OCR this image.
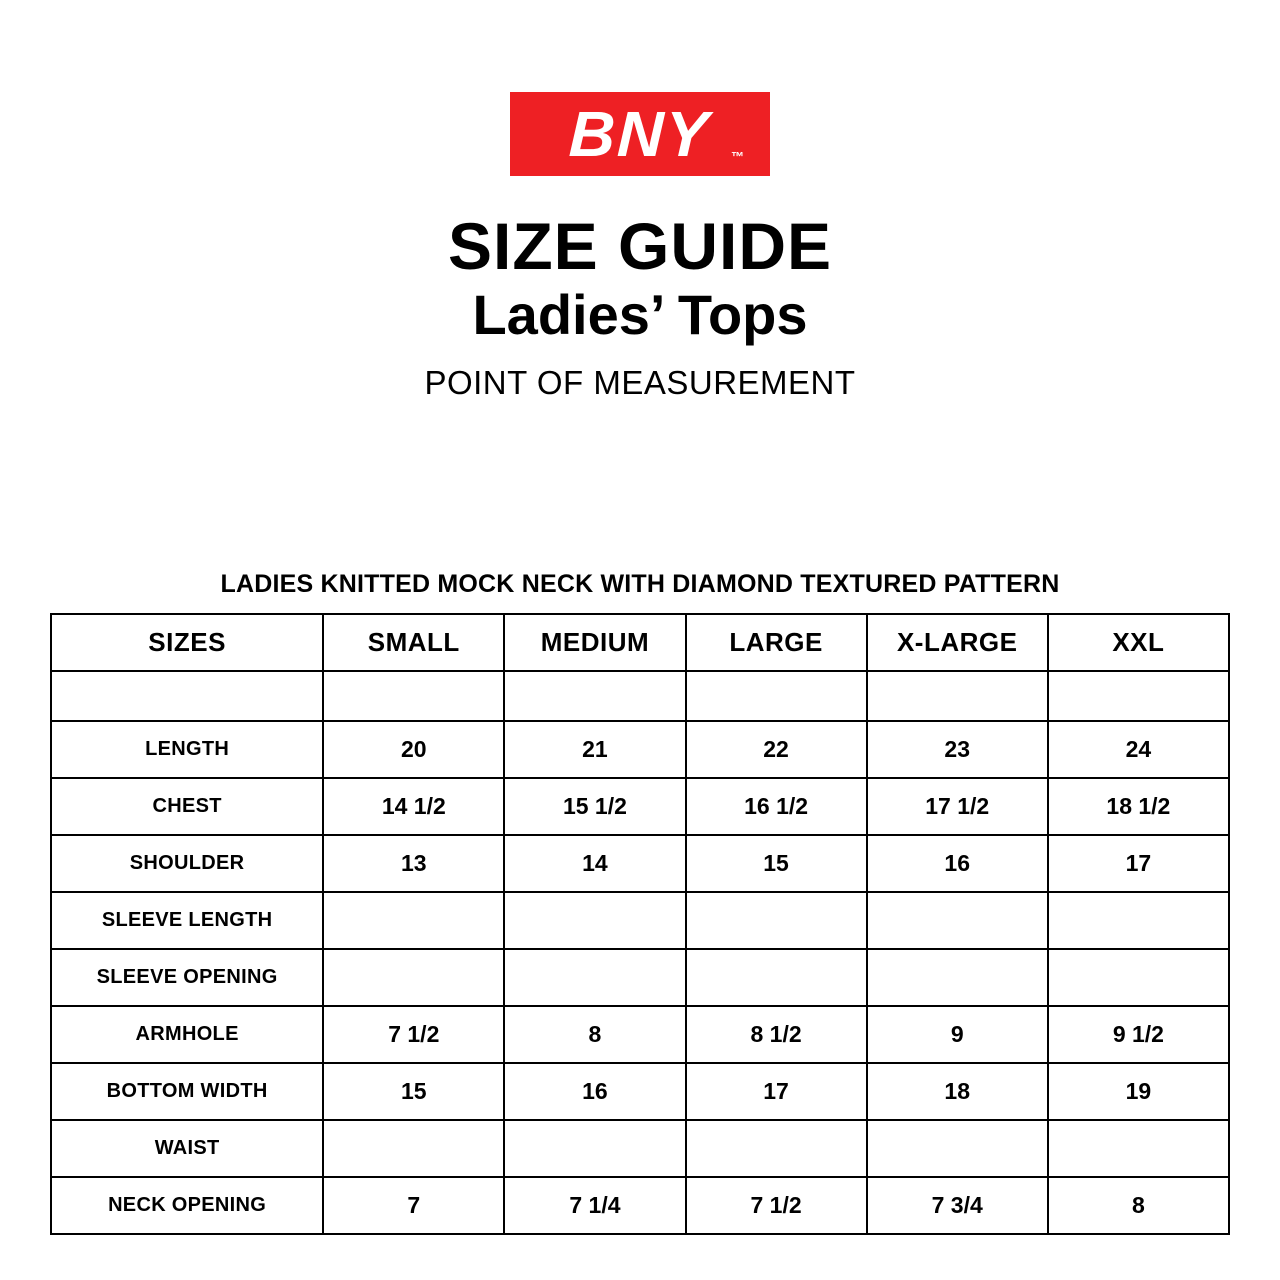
BNY ™
SIZE GUIDE
Ladies’ Tops
POINT OF MEASUREMENT
LADIES KNITTED MOCK NECK WITH DIAMOND TEXTURED PATTERN
SIZES	SMALL	MEDIUM	LARGE	X-LARGE	XXL

LENGTH	20	21	22	23	24
CHEST	14 1/2	15 1/2	16 1/2	17 1/2	18 1/2
SHOULDER	13	14	15	16	17
SLEEVE LENGTH					
SLEEVE OPENING					
ARMHOLE	7 1/2	8	8 1/2	9	9 1/2
BOTTOM WIDTH	15	16	17	18	19
WAIST					
NECK OPENING	7	7 1/4	7 1/2	7 3/4	8
